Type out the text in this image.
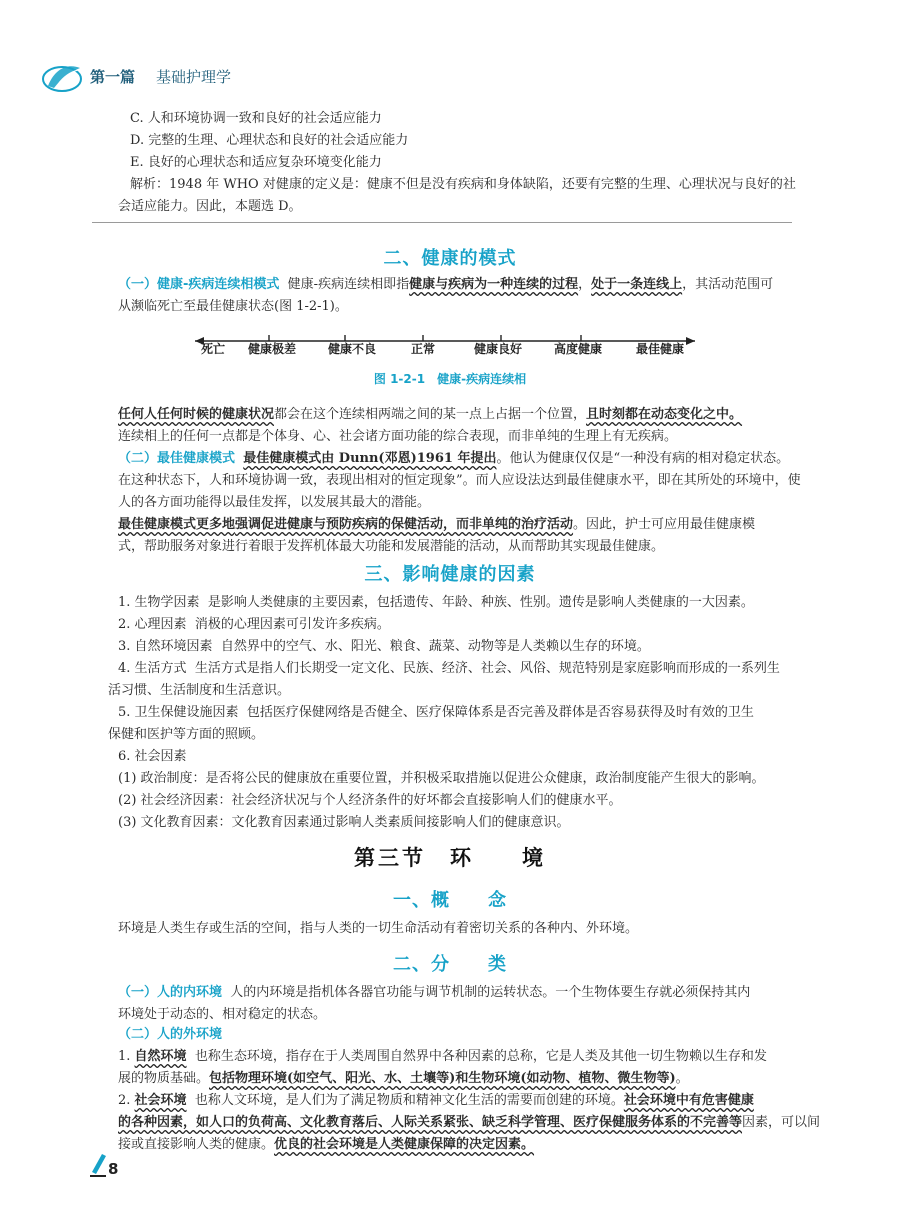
第一篇 基础护理学
C. 人和环境协调一致和良好的社会适应能力
D. 完整的生理、心理状态和良好的社会适应能力
E. 良好的心理状态和适应复杂环境变化能力
解析：1948 年 WHO 对健康的定义是：健康不但是没有疾病和身体缺陷，还要有完整的生理、心理状况与良好的社
会适应能力。因此，本题选 D。
二、健康的模式
（一）健康-疾病连续相模式 健康-疾病连续相即指健康与疾病为一种连续的过程，处于一条连线上，其活动范围可
从濒临死亡至最佳健康状态(图 1-2-1)。
死亡 健康极差	健康不良	正常	健康良好	高度健康	最佳健康
图 1-2-1　健康-疾病连续相
任何人任何时候的健康状况都会在这个连续相两端之间的某一点上占据一个位置，且时刻都在动态变化之中。
连续相上的任何一点都是个体身、心、社会诸方面功能的综合表现，而非单纯的生理上有无疾病。
（二）最佳健康模式 最佳健康模式由 Dunn(邓恩)1961 年提出。他认为健康仅仅是“一种没有病的相对稳定状态。
在这种状态下，人和环境协调一致，表现出相对的恒定现象”。而人应设法达到最佳健康水平，即在其所处的环境中，使
人的各方面功能得以最佳发挥，以发展其最大的潜能。
最佳健康模式更多地强调促进健康与预防疾病的保健活动，而非单纯的治疗活动。因此，护士可应用最佳健康模
式，帮助服务对象进行着眼于发挥机体最大功能和发展潜能的活动，从而帮助其实现最佳健康。
三、影响健康的因素
1. 生物学因素 是影响人类健康的主要因素，包括遗传、年龄、种族、性别。遗传是影响人类健康的一大因素。
2. 心理因素 消极的心理因素可引发许多疾病。
3. 自然环境因素 自然界中的空气、水、阳光、粮食、蔬菜、动物等是人类赖以生存的环境。
4. 生活方式 生活方式是指人们长期受一定文化、民族、经济、社会、风俗、规范特别是家庭影响而形成的一系列生
活习惯、生活制度和生活意识。
5. 卫生保健设施因素 包括医疗保健网络是否健全、医疗保障体系是否完善及群体是否容易获得及时有效的卫生
保健和医护等方面的照顾。
6. 社会因素
(1) 政治制度：是否将公民的健康放在重要位置，并积极采取措施以促进公众健康，政治制度能产生很大的影响。
(2) 社会经济因素：社会经济状况与个人经济条件的好坏都会直接影响人们的健康水平。
(3) 文化教育因素：文化教育因素通过影响人类素质间接影响人们的健康意识。
第三节　环　　境
一、概　　念
环境是人类生存或生活的空间，指与人类的一切生命活动有着密切关系的各种内、外环境。
二、分　　类
（一）人的内环境 人的内环境是指机体各器官功能与调节机制的运转状态。一个生物体要生存就必须保持其内
环境处于动态的、相对稳定的状态。
（二）人的外环境
1. 自然环境 也称生态环境，指存在于人类周围自然界中各种因素的总称，它是人类及其他一切生物赖以生存和发
展的物质基础。包括物理环境(如空气、阳光、水、土壤等)和生物环境(如动物、植物、微生物等)。
2. 社会环境 也称人文环境，是人们为了满足物质和精神文化生活的需要而创建的环境。社会环境中有危害健康
的各种因素，如人口的负荷高、文化教育落后、人际关系紧张、缺乏科学管理、医疗保健服务体系的不完善等因素，可以间
接或直接影响人类的健康。优良的社会环境是人类健康保障的决定因素。
8
